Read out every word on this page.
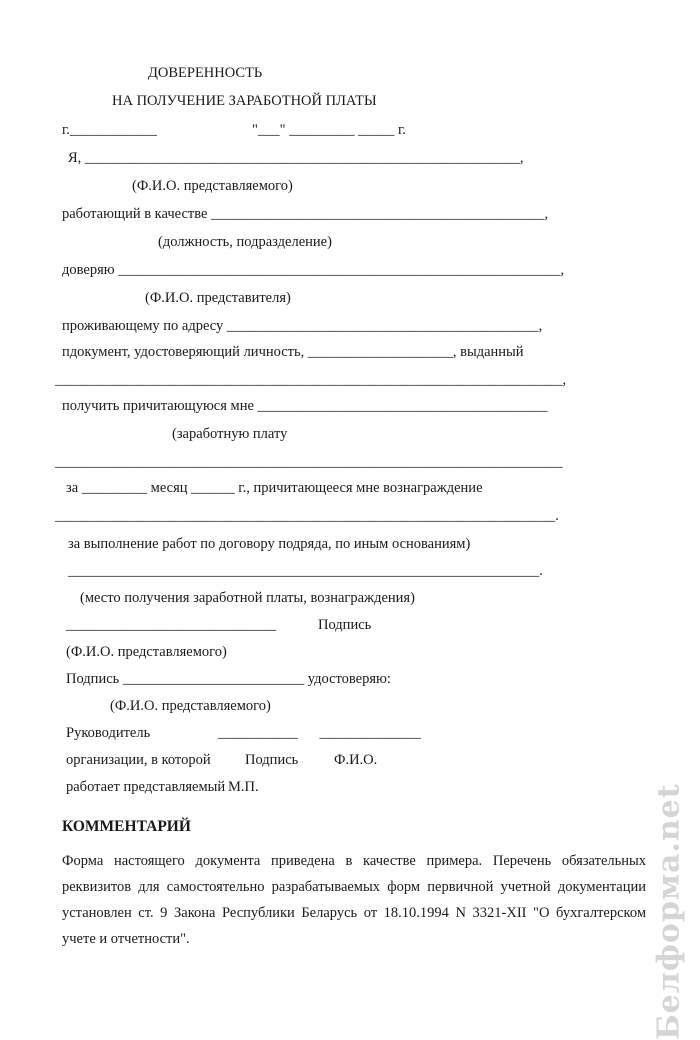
ДОВЕРЕННОСТЬ
НА ПОЛУЧЕНИЕ ЗАРАБОТНОЙ ПЛАТЫ
г.____________	"___" _________ _____ г.
Я, ____________________________________________________________,
(Ф.И.О. представляемого)
работающий в качестве ______________________________________________,
(должность, подразделение)
доверяю _____________________________________________________________,
(Ф.И.О. представителя)
проживающему по адресу ___________________________________________,
пдокумент, удостоверяющий личность, ____________________, выданный
______________________________________________________________________,
получить причитающуюся мне ________________________________________
(заработную плату
______________________________________________________________________
за _________ месяц ______ г., причитающееся мне вознаграждение
_____________________________________________________________________.
за выполнение работ по договору подряда, по иным основаниям)
_________________________________________________________________.
(место получения заработной платы, вознаграждения)
_____________________________	Подпись
(Ф.И.О. представляемого)
Подпись _________________________ удостоверяю:
(Ф.И.О. представляемого)
Руководитель	___________      ______________
организации, в которой Подпись Ф.И.О.
работает представляемый М.П.
КОММЕНТАРИЙ
Форма настоящего документа приведена в качестве примера. Перечень обязательных реквизитов для самостоятельно разрабатываемых форм первичной учетной документации установлен ст. 9 Закона Республики Беларусь от 18.10.1994 N 3321-XII "О бухгалтерском учете и отчетности".	Белформа.net
